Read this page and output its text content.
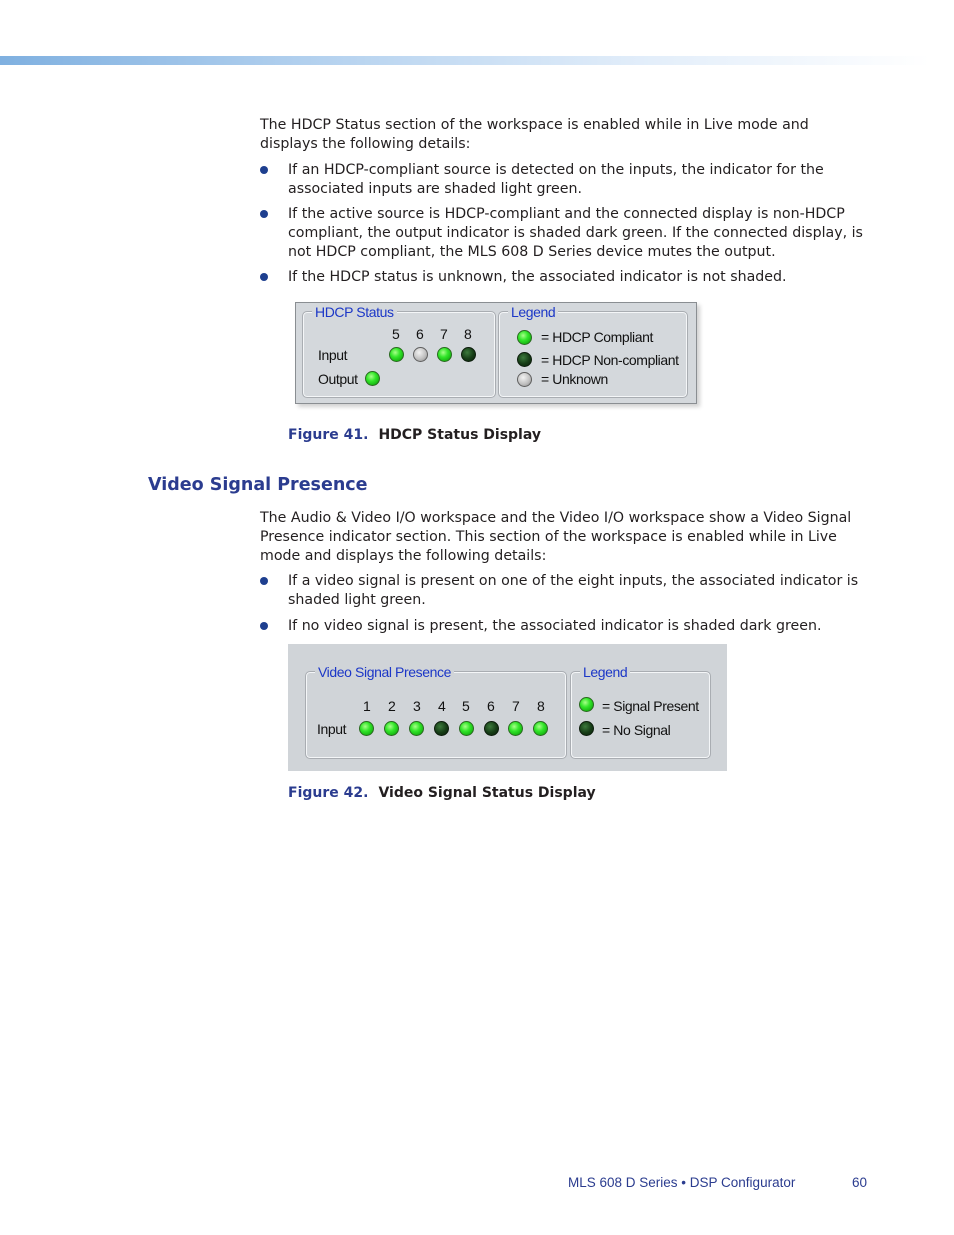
The HDCP Status section of the workspace is enabled while in Live mode and displays the following details:

If an HDCP-compliant source is detected on the inputs, the indicator for the associated inputs are shaded light green.
If the active source is HDCP-compliant and the connected display is non-HDCP compliant, the output indicator is shaded dark green. If the connected display, is not HDCP compliant, the MLS 608 D Series device mutes the output.
If the HDCP status is unknown, the associated indicator is not shaded.
HDCP Status
5 6 7 8
Input
Output
Legend
= HDCP Compliant
= HDCP Non-compliant
= Unknown
Figure 41. HDCP Status Display
Video Signal Presence

The Audio & Video I/O workspace and the Video I/O workspace show a Video Signal Presence indicator section. This section of the workspace is enabled while in Live mode and displays the following details:

If a video signal is present on one of the eight inputs, the associated indicator is shaded light green.
If no video signal is present, the associated indicator is shaded dark green.
Video Signal Presence
1 2 3 4 5 6 7 8
Input
Legend
= Signal Present
= No Signal
Figure 42. Video Signal Status Display
MLS 608 D Series • DSP Configurator	60
